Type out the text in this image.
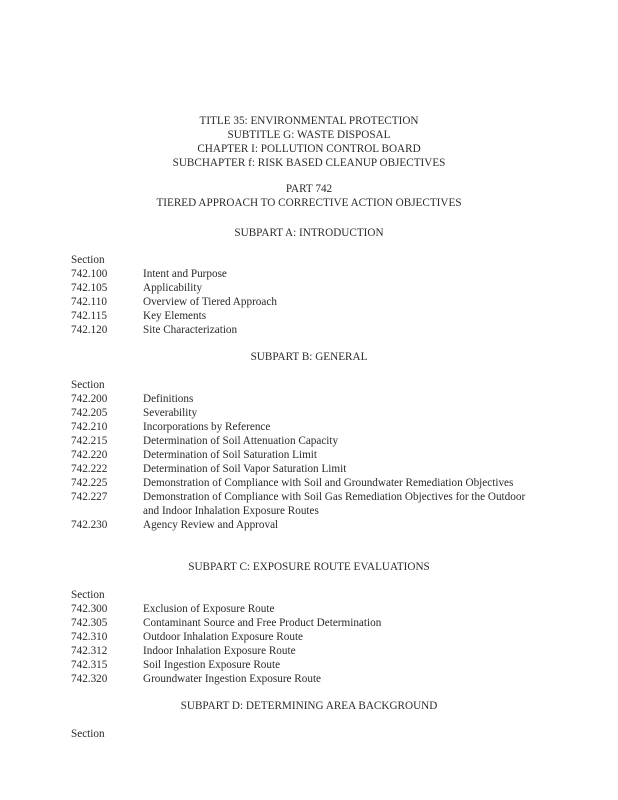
TITLE 35: ENVIRONMENTAL PROTECTION
SUBTITLE G: WASTE DISPOSAL
CHAPTER I: POLLUTION CONTROL BOARD
SUBCHAPTER f: RISK BASED CLEANUP OBJECTIVES
PART 742
TIERED APPROACH TO CORRECTIVE ACTION OBJECTIVES
SUBPART A: INTRODUCTION
Section
742.100	Intent and Purpose
742.105	Applicability
742.110	Overview of Tiered Approach
742.115	Key Elements
742.120	Site Characterization
SUBPART B: GENERAL
Section
742.200	Definitions
742.205	Severability
742.210	Incorporations by Reference
742.215	Determination of Soil Attenuation Capacity
742.220	Determination of Soil Saturation Limit
742.222	Determination of Soil Vapor Saturation Limit
742.225	Demonstration of Compliance with Soil and Groundwater Remediation Objectives
742.227	Demonstration of Compliance with Soil Gas Remediation Objectives for the Outdoor and Indoor Inhalation Exposure Routes
742.230	Agency Review and Approval
SUBPART C: EXPOSURE ROUTE EVALUATIONS
Section
742.300	Exclusion of Exposure Route
742.305	Contaminant Source and Free Product Determination
742.310	Outdoor Inhalation Exposure Route
742.312	Indoor Inhalation Exposure Route
742.315	Soil Ingestion Exposure Route
742.320	Groundwater Ingestion Exposure Route
SUBPART D: DETERMINING AREA BACKGROUND
Section
